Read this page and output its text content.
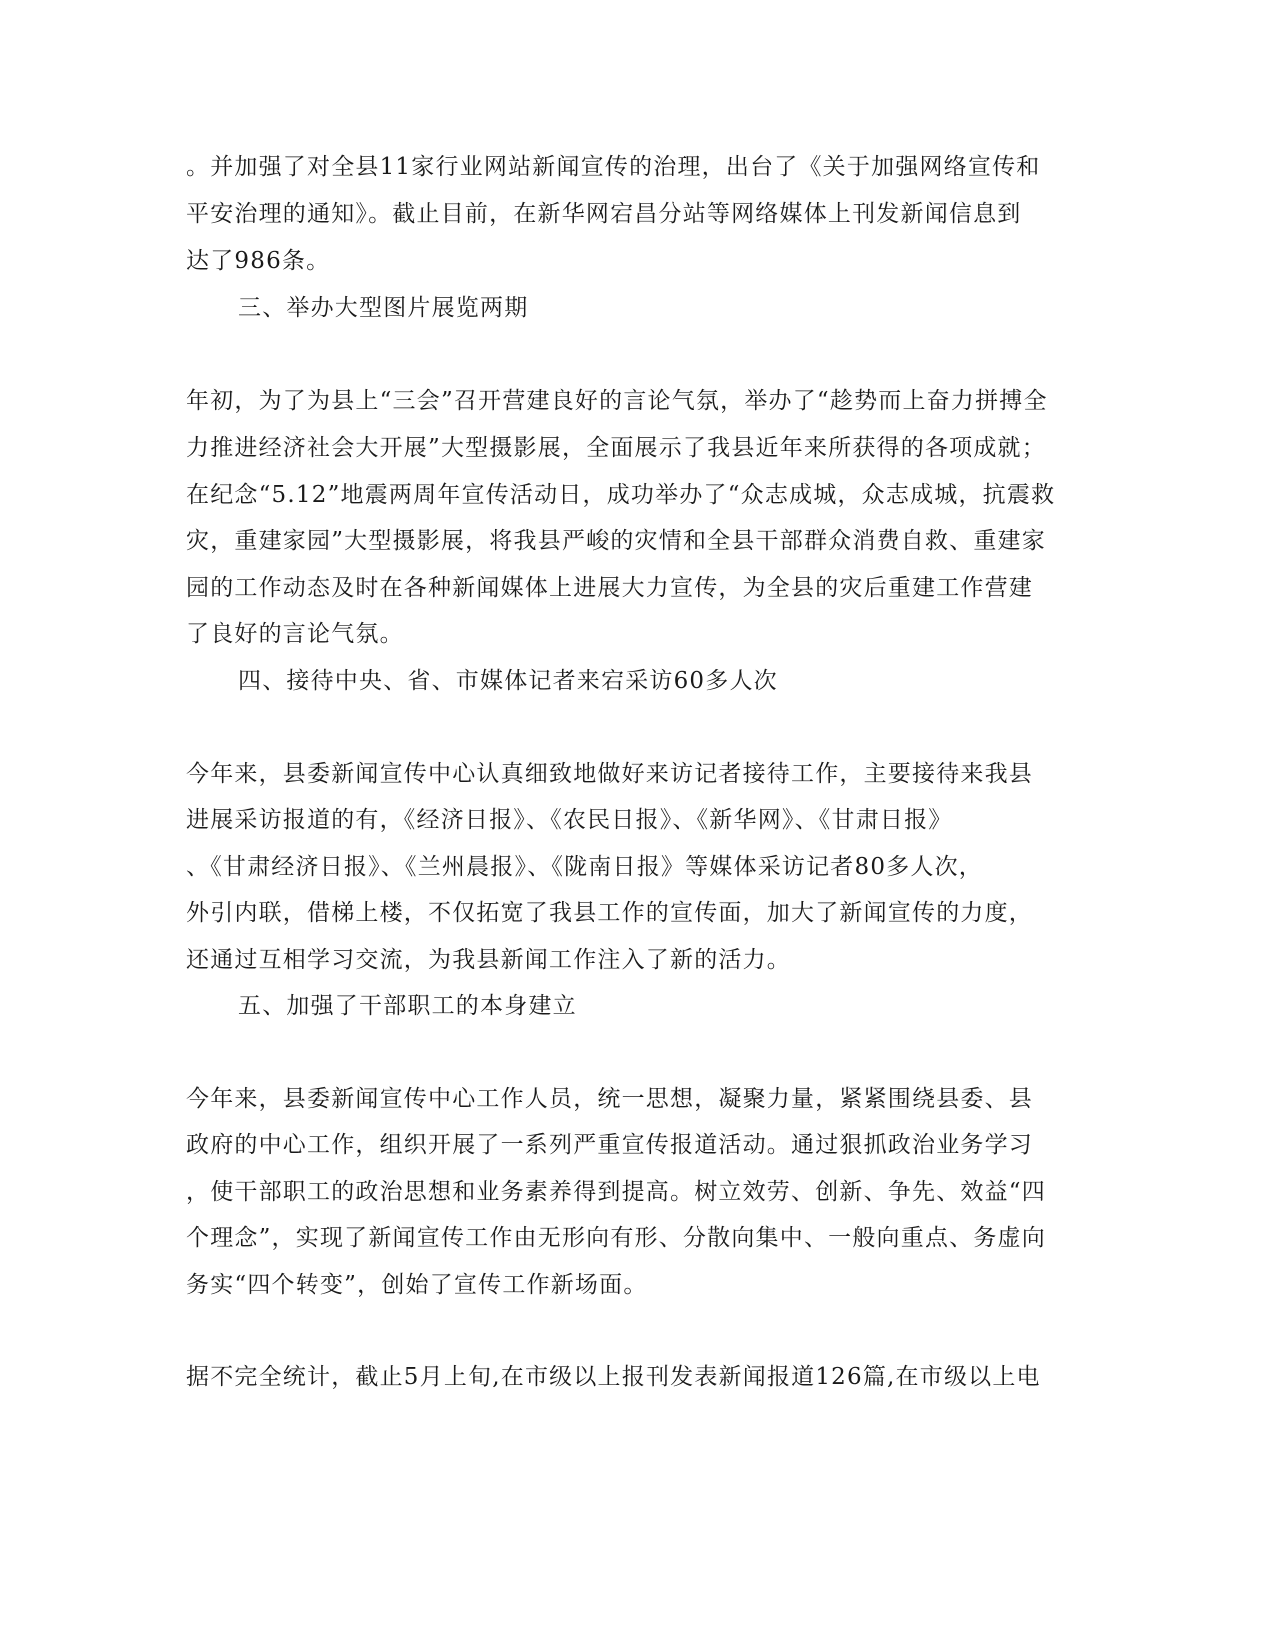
。并加强了对全县11家行业网站新闻宣传的治理，出台了《关于加强网络宣传和
平安治理的通知》。截止目前，在新华网宕昌分站等网络媒体上刊发新闻信息到
达了986条。
三、举办大型图片展览两期
年初，为了为县上“三会”召开营建良好的言论气氛，举办了“趁势而上奋力拼搏全
力推进经济社会大开展”大型摄影展，全面展示了我县近年来所获得的各项成就；
在纪念“5.12”地震两周年宣传活动日，成功举办了“众志成城，众志成城，抗震救
灾，重建家园”大型摄影展，将我县严峻的灾情和全县干部群众消费自救、重建家
园的工作动态及时在各种新闻媒体上进展大力宣传，为全县的灾后重建工作营建
了良好的言论气氛。
四、接待中央、省、市媒体记者来宕采访60多人次
今年来，县委新闻宣传中心认真细致地做好来访记者接待工作，主要接待来我县
进展采访报道的有，《经济日报》、《农民日报》、《新华网》、《甘肃日报》
、《甘肃经济日报》、《兰州晨报》、《陇南日报》等媒体采访记者80多人次，
外引内联，借梯上楼，不仅拓宽了我县工作的宣传面，加大了新闻宣传的力度，
还通过互相学习交流，为我县新闻工作注入了新的活力。
五、加强了干部职工的本身建立
今年来，县委新闻宣传中心工作人员，统一思想，凝聚力量，紧紧围绕县委、县
政府的中心工作，组织开展了一系列严重宣传报道活动。通过狠抓政治业务学习
，使干部职工的政治思想和业务素养得到提高。树立效劳、创新、争先、效益“四
个理念”，实现了新闻宣传工作由无形向有形、分散向集中、一般向重点、务虚向
务实“四个转变”，创始了宣传工作新场面。
据不完全统计，截止5月上旬,在市级以上报刊发表新闻报道126篇,在市级以上电
